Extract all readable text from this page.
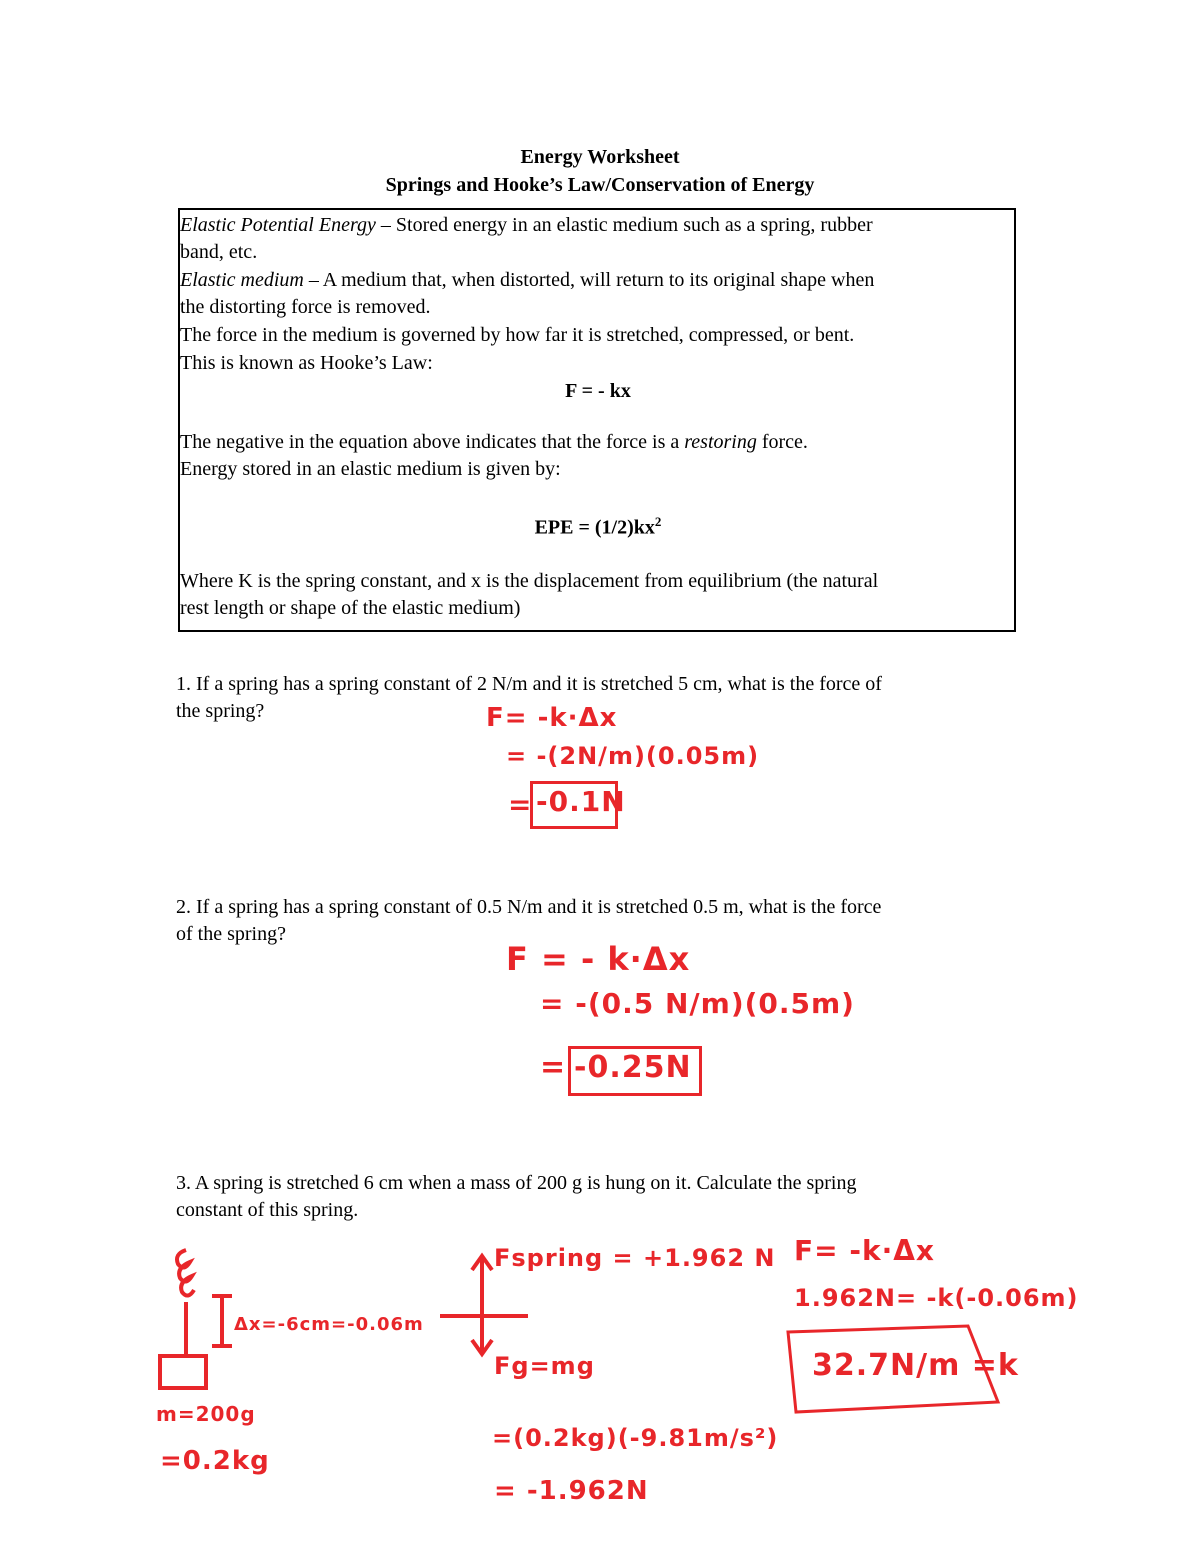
Energy Worksheet
Springs and Hooke’s Law/Conservation of Energy
Elastic Potential Energy – Stored energy in an elastic medium such as a spring, rubber
band, etc.
Elastic medium – A medium that, when distorted, will return to its original shape when
the distorting force is removed.
The force in the medium is governed by how far it is stretched, compressed, or bent.
This is known as Hooke’s Law:
F = - kx
The negative in the equation above indicates that the force is a restoring force.
Energy stored in an elastic medium is given by:
EPE = $(1/2)kx^2$
Where K is the spring constant, and x is the displacement from equilibrium (the natural
rest length or shape of the elastic medium)
1. If a spring has a spring constant of 2 N/m and it is stretched 5 cm, what is the force of
the spring?
2. If a spring has a spring constant of 0.5 N/m and it is stretched 0.5 m, what is the force
of the spring?
3. A spring is stretched 6 cm when a mass of 200 g is hung on it. Calculate the spring
constant of this spring.
F= -k·Δx
= -(2N/m)(0.05m)
= -0.1N
F = - k·Δx
= -(0.5 N/m)(0.5m)
= -0.25N
Δx=-6cm=-0.06m
m=200g
=0.2kg
Fspring = +1.962 N
Fg=mg
=(0.2kg)(-9.81m/s²)
= -1.962N
F= -k·Δx
1.962N= -k(-0.06m)
32.7N/m =k
